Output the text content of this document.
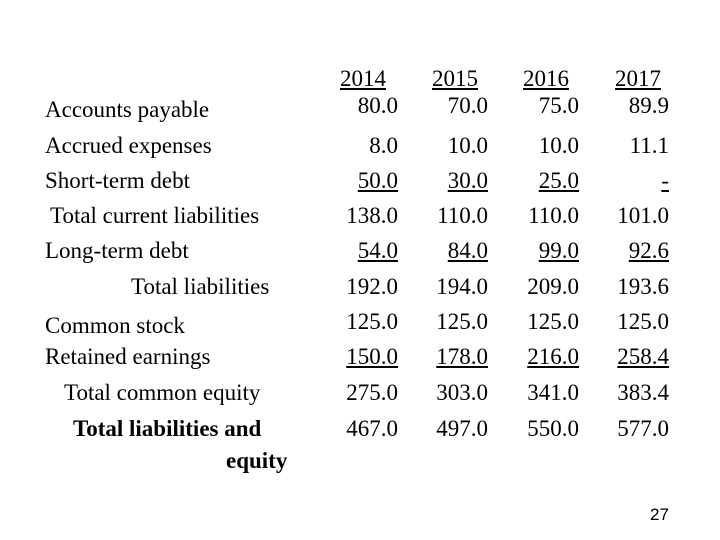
Accounts payable
Accrued expenses
Short-term debt
Total current liabilities
Long-term debt
Total liabilities
Common stock
Retained earnings
Total common equity
Total liabilities and
equity
2014
80.0
8.0
50.0
138.0
54.0
192.0
125.0
150.0
275.0
467.0
2015
70.0
10.0
30.0
110.0
84.0
194.0
125.0
178.0
303.0
497.0
2016
75.0
10.0
25.0
110.0
99.0
209.0
125.0
216.0
341.0
550.0
2017
89.9
11.1
-
101.0
92.6
193.6
125.0
258.4
383.4
577.0
27
